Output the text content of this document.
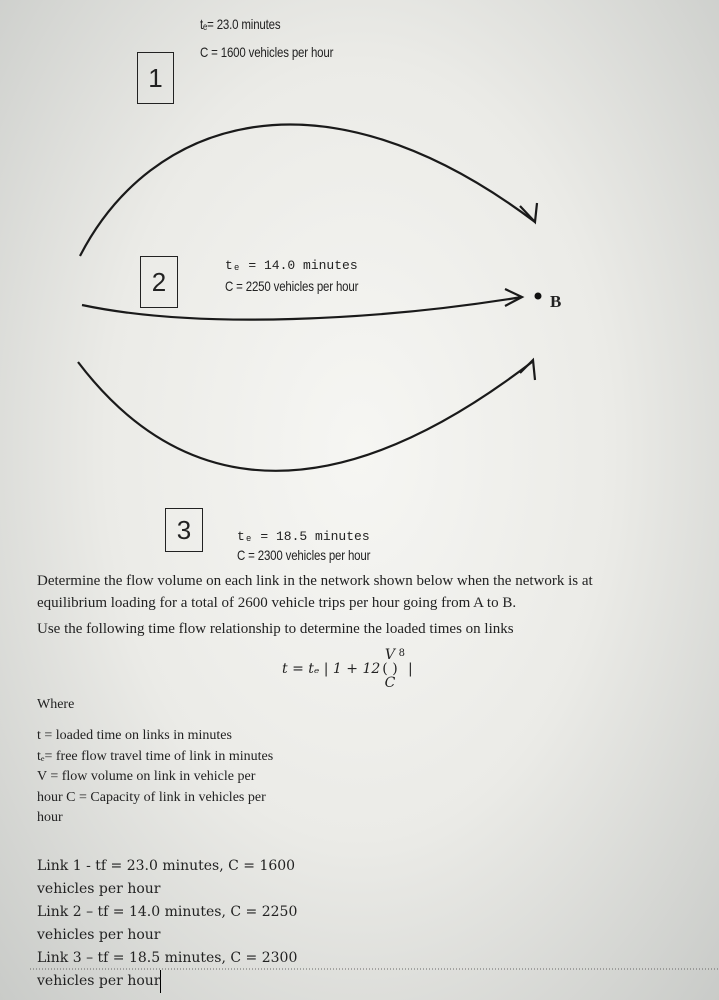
tₑ= 23.0 minutes
C = 1600 vehicles per hour
1
2
tₑ = 14.0 minutes
C = 2250 vehicles per hour
B
3	tₑ = 18.5 minutes
C = 2300 vehicles per hour
Determine the flow volume on each link in the network shown below when the network is at
equilibrium loading for a total of 2600 vehicle trips per hour going from A to B.
Use the following time flow relationship to determine the loaded times on links
t = tₑ | 1 + 12
V
( )
C
8
|
Where
t = loaded time on links in minutes
tₑ= free flow travel time of link in minutes
V = flow volume on link in vehicle per
hour C = Capacity of link in vehicles per
hour
Link 1 - tf = 23.0 minutes, C = 1600
vehicles per hour
Link 2 – tf = 14.0 minutes, C = 2250
vehicles per hour
Link 3 – tf = 18.5 minutes, C = 2300
vehicles per hour
